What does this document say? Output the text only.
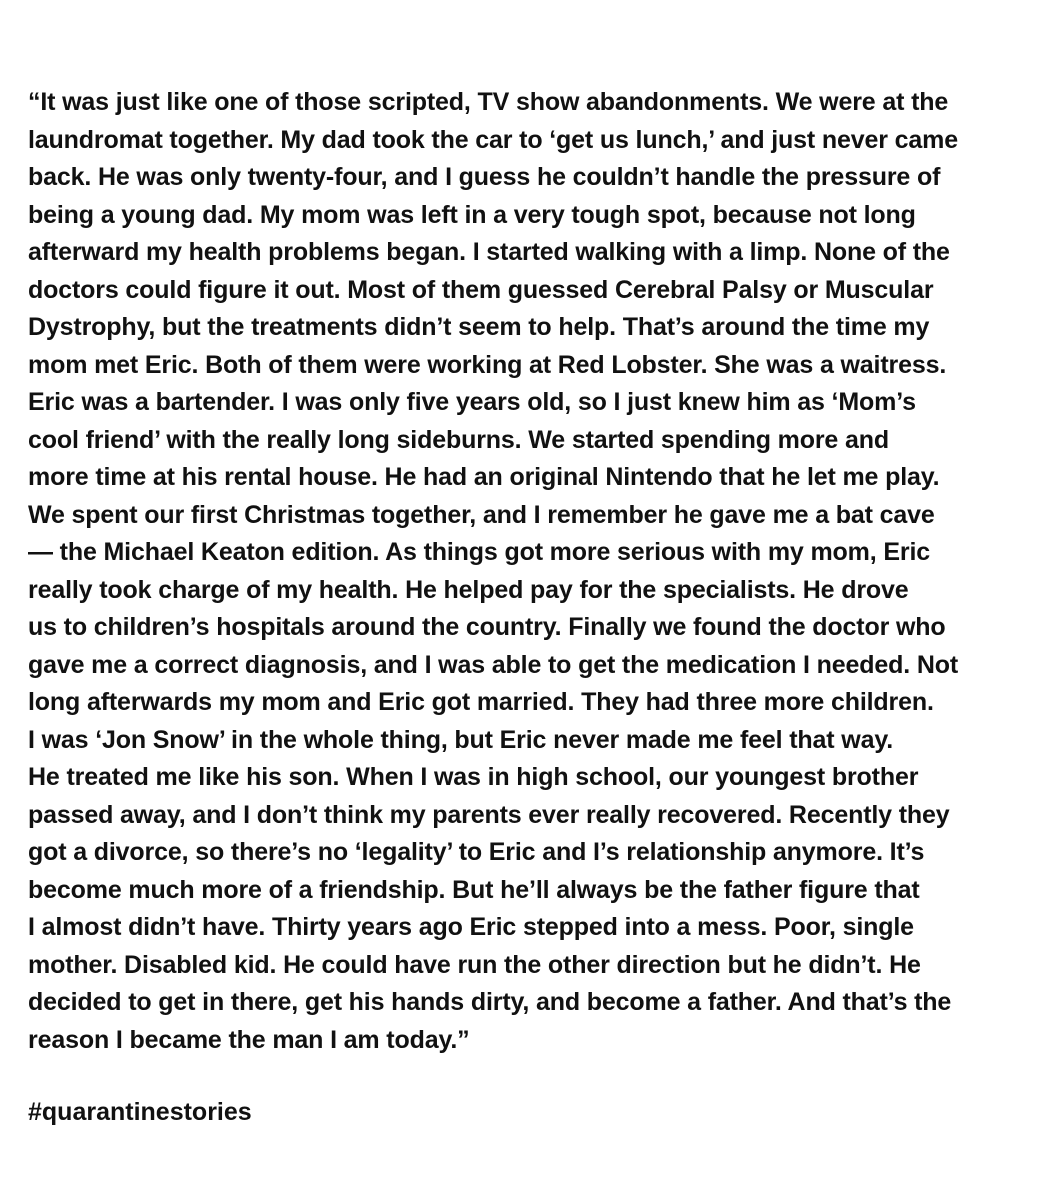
“It was just like one of those scripted, TV show abandonments. We were at the
laundromat together. My dad took the car to ‘get us lunch,’ and just never came
back. He was only twenty-four, and I guess he couldn’t handle the pressure of
being a young dad. My mom was left in a very tough spot, because not long
afterward my health problems began. I started walking with a limp. None of the
doctors could figure it out. Most of them guessed Cerebral Palsy or Muscular
Dystrophy, but the treatments didn’t seem to help. That’s around the time my
mom met Eric. Both of them were working at Red Lobster. She was a waitress.
Eric was a bartender. I was only five years old, so I just knew him as ‘Mom’s
cool friend’ with the really long sideburns. We started spending more and
more time at his rental house. He had an original Nintendo that he let me play.
We spent our first Christmas together, and I remember he gave me a bat cave
— the Michael Keaton edition. As things got more serious with my mom, Eric
really took charge of my health. He helped pay for the specialists. He drove
us to children’s hospitals around the country. Finally we found the doctor who
gave me a correct diagnosis, and I was able to get the medication I needed. Not
long afterwards my mom and Eric got married. They had three more children.
I was ‘Jon Snow’ in the whole thing, but Eric never made me feel that way.
He treated me like his son. When I was in high school, our youngest brother
passed away, and I don’t think my parents ever really recovered. Recently they
got a divorce, so there’s no ‘legality’ to Eric and I’s relationship anymore. It’s
become much more of a friendship. But he’ll always be the father figure that
I almost didn’t have. Thirty years ago Eric stepped into a mess. Poor, single
mother. Disabled kid. He could have run the other direction but he didn’t. He
decided to get in there, get his hands dirty, and become a father. And that’s the
reason I became the man I am today.”

#quarantinestories
